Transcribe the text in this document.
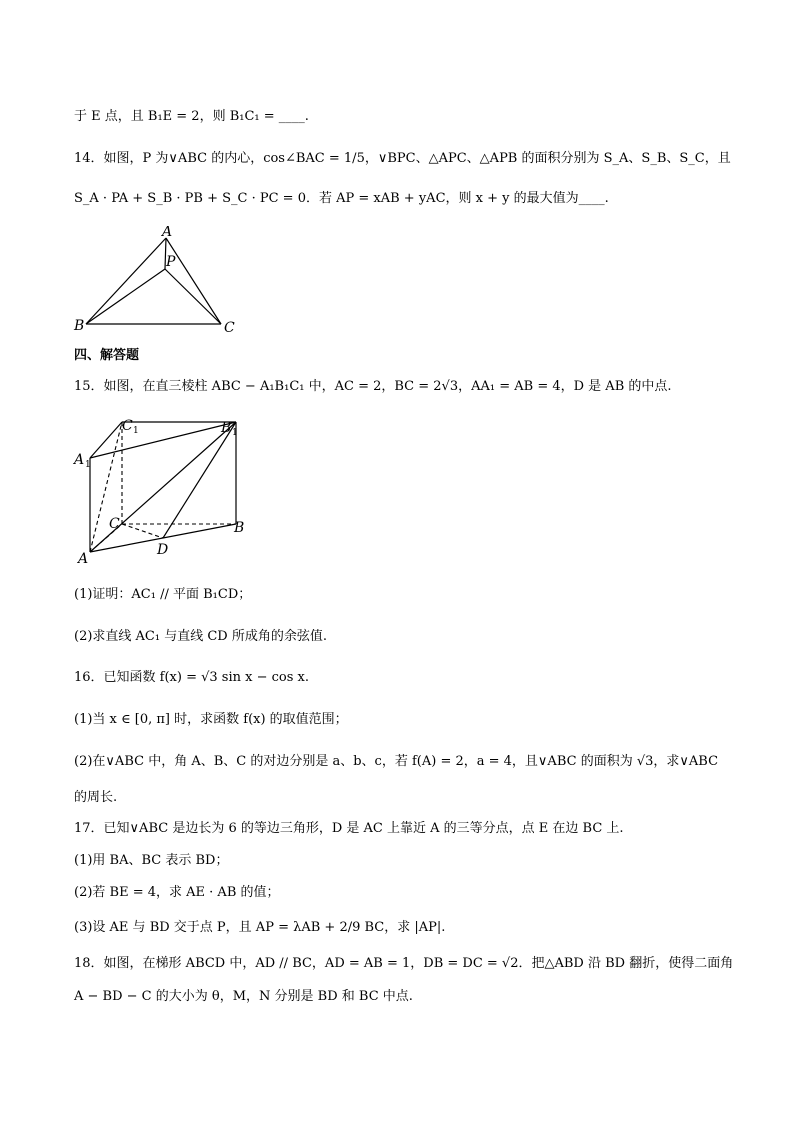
于 E 点，且 B₁E = 2，则 B₁C₁ = ____.
14．如图，P 为∨ABC 的内心，cos∠BAC = 1/5，∨BPC、△APC、△APB 的面积分别为 S_A、S_B、S_C，且
S_A · PA + S_B · PB + S_C · PC = 0．若 AP = xAB + yAC，则 x + y 的最大值为____.
A
B	C
P
四、解答题
15．如图，在直三棱柱 ABC − A₁B₁C₁ 中，AC = 2，BC = 2√3，AA₁ = AB = 4，D 是 AB 的中点.
C 1	B 1
A 1
C	B
D
A
(1)证明：AC₁ // 平面 B₁CD；
(2)求直线 AC₁ 与直线 CD 所成角的余弦值.
16．已知函数 f(x) = √3 sin x − cos x.
(1)当 x ∈ [0, π] 时，求函数 f(x) 的取值范围；
(2)在∨ABC 中，角 A、B、C 的对边分别是 a、b、c，若 f(A) = 2，a = 4，且∨ABC 的面积为 √3，求∨ABC
的周长.
17．已知∨ABC 是边长为 6 的等边三角形，D 是 AC 上靠近 A 的三等分点，点 E 在边 BC 上.
(1)用 BA、BC 表示 BD；
(2)若 BE = 4，求 AE · AB 的值；
(3)设 AE 与 BD 交于点 P，且 AP = λAB + 2/9 BC，求 |AP|.
18．如图，在梯形 ABCD 中，AD // BC，AD = AB = 1，DB = DC = √2．把△ABD 沿 BD 翻折，使得二面角
A − BD − C 的大小为 θ，M，N 分别是 BD 和 BC 中点.
